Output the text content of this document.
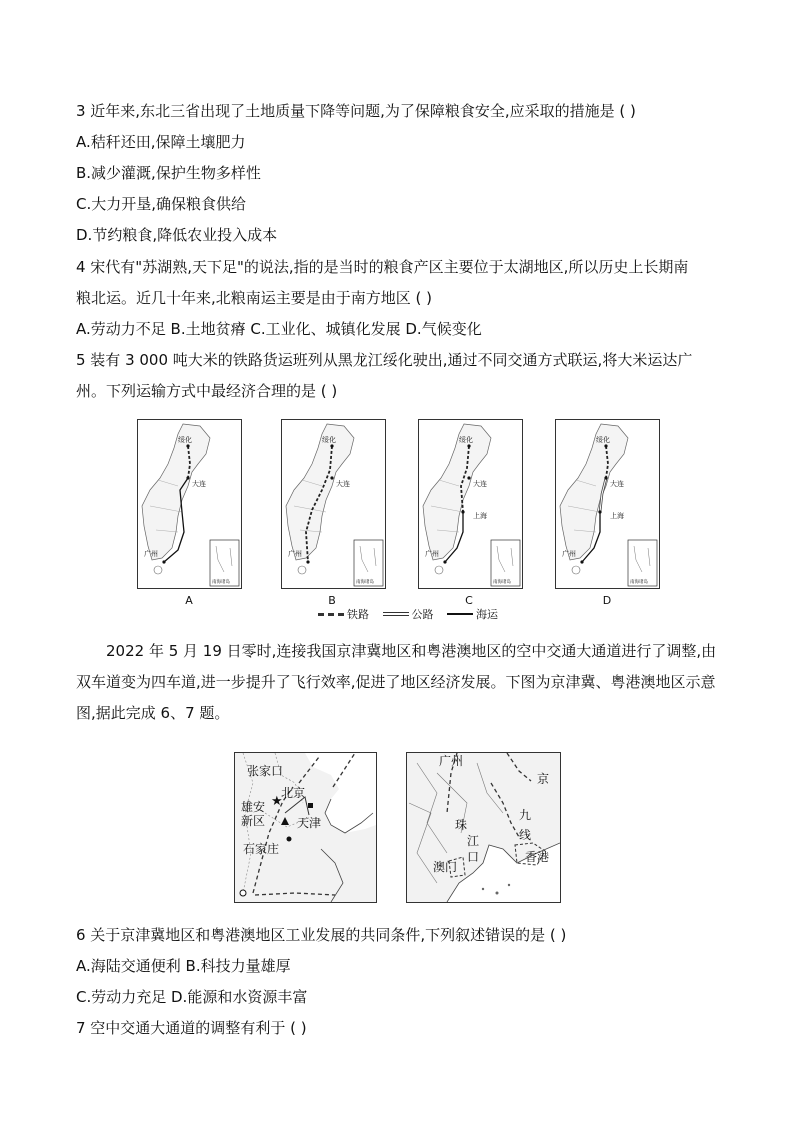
3 近年来,东北三省出现了土地质量下降等问题,为了保障粮食安全,应采取的措施是 ( )
A.秸秆还田,保障土壤肥力
B.减少灌溉,保护生物多样性
C.大力开垦,确保粮食供给
D.节约粮食,降低农业投入成本
4 宋代有"苏湖熟,天下足"的说法,指的是当时的粮食产区主要位于太湖地区,所以历史上长期南
粮北运。近几十年来,北粮南运主要是由于南方地区 ( )
A.劳动力不足 B.土地贫瘠 C.工业化、城镇化发展 D.气候变化
5 装有 3 000 吨大米的铁路货运班列从黑龙江绥化驶出,通过不同交通方式联运,将大米运达广
州。下列运输方式中最经济合理的是 ( )
绥化
大连
广州
南海诸岛
A
绥化
大连
广州
南海诸岛
B
绥化
大连
上海
广州
南海诸岛
C
绥化
大连
上海
广州
南海诸岛
D
铁路	公路	海运
2022 年 5 月 19 日零时,连接我国京津冀地区和粤港澳地区的空中交通大通道进行了调整,由双车道变为四车道,进一步提升了飞行效率,促进了地区经济发展。下图为京津冀、粤港澳地区示意图,据此完成 6、7 题。
★
张家口
北京
雄安
新区	天津
石家庄
广州
京
九
线
珠
江
口
澳门
香港
6 关于京津冀地区和粤港澳地区工业发展的共同条件,下列叙述错误的是 ( )
A.海陆交通便利 B.科技力量雄厚
C.劳动力充足 D.能源和水资源丰富
7 空中交通大通道的调整有利于 ( )
